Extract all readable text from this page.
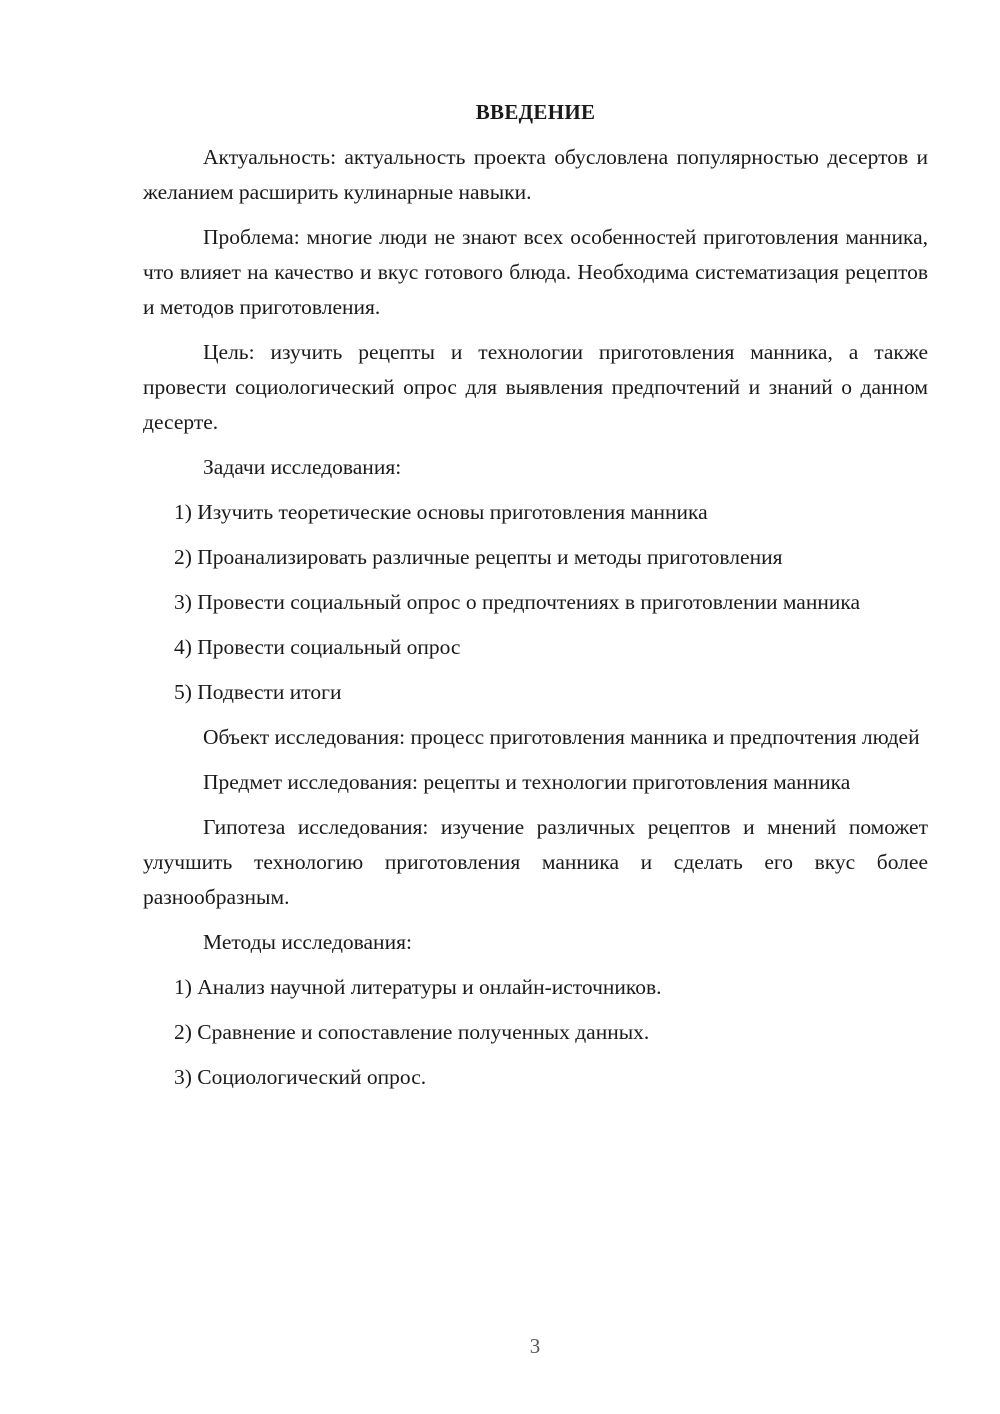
ВВЕДЕНИЕ
Актуальность: актуальность проекта обусловлена популярностью десертов и желанием расширить кулинарные навыки.
Проблема: многие люди не знают всех особенностей приготовления манника, что влияет на качество и вкус готового блюда. Необходима систематизация рецептов и методов приготовления.
Цель: изучить рецепты и технологии приготовления манника, а также провести социологический опрос для выявления предпочтений и знаний о данном десерте.
Задачи исследования:
1) Изучить теоретические основы приготовления манника
2) Проанализировать различные рецепты и методы приготовления
3) Провести социальный опрос о предпочтениях в приготовлении манника
4) Провести социальный опрос
5) Подвести итоги
Объект исследования: процесс приготовления манника и предпочтения людей
Предмет исследования: рецепты и технологии приготовления манника
Гипотеза исследования: изучение различных рецептов и мнений поможет улучшить технологию приготовления манника и сделать его вкус более разнообразным.
Методы исследования:
1) Анализ научной литературы и онлайн-источников.
2) Сравнение и сопоставление полученных данных.
3) Социологический опрос.
3
